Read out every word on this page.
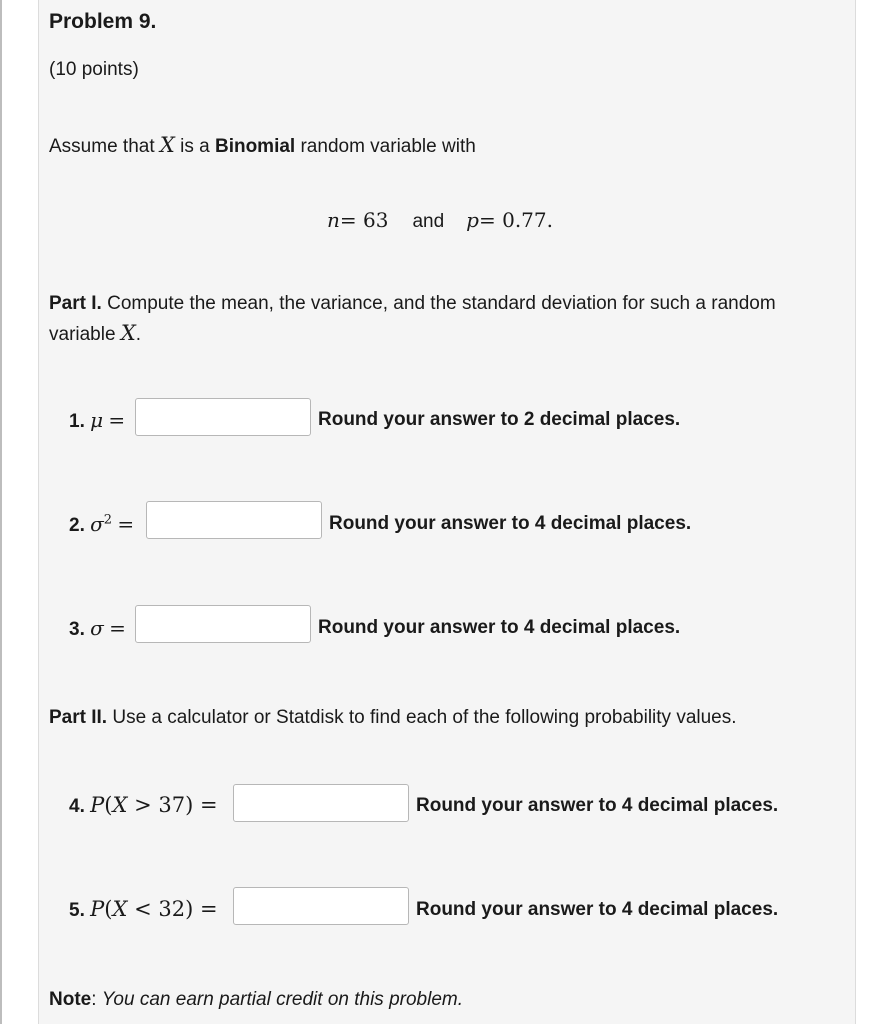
Problem 9.
(10 points)
Assume that X is a Binomial random variable with
n= 63 and p= 0.77.
Part I. Compute the mean, the variance, and the standard deviation for such a random
variable X.
1. μ =	Round your answer to 2 decimal places.
2. $\sigma^2$ =	Round your answer to 4 decimal places.
3. σ =	Round your answer to 4 decimal places.
Part II. Use a calculator or Statdisk to find each of the following probability values.
4. P(X > 37) =	Round your answer to 4 decimal places.
5. P(X < 32) =	Round your answer to 4 decimal places.
Note: You can earn partial credit on this problem.
